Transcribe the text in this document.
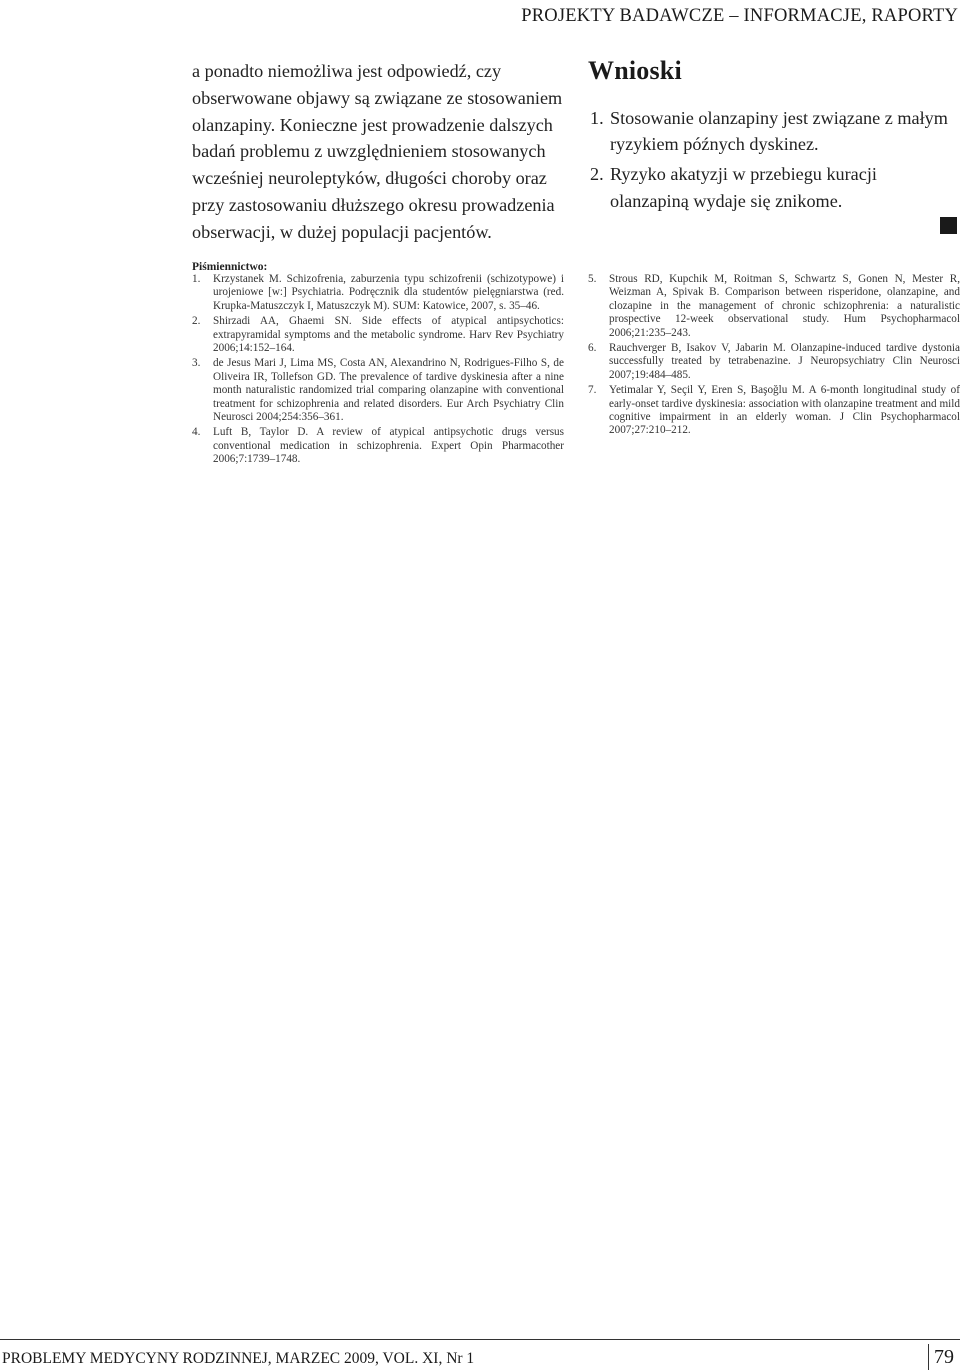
PROJEKTY BADAWCZE – INFORMACJE, RAPORTY

a ponadto niemożliwa jest odpowiedź, czy obserwowane objawy są związane ze stosowaniem olanzapiny. Konieczne jest prowadzenie dalszych badań problemu z uwzględnieniem stosowanych wcześniej neuroleptyków, długości choroby oraz przy zastosowaniu dłuższego okresu prowadzenia obserwacji, w dużej populacji pacjentów.

Wnioski
1. Stosowanie olanzapiny jest związane z małym ryzykiem późnych dyskinez.
2. Ryzyko akatyzji w przebiegu kuracji olanzapiną wydaje się znikome.
Piśmiennictwo:
1. Krzystanek M. Schizofrenia, zaburzenia typu schizofrenii (schizotypowe) i urojeniowe [w:] Psychiatria. Podręcznik dla studentów pielęgniarstwa (red. Krupka-Matuszczyk I, Matuszczyk M). SUM: Katowice, 2007, s. 35–46.
2. Shirzadi AA, Ghaemi SN. Side effects of atypical antipsychotics: extrapyramidal symptoms and the metabolic syndrome. Harv Rev Psychiatry 2006;14:152–164.
3. de Jesus Mari J, Lima MS, Costa AN, Alexandrino N, Rodrigues-Filho S, de Oliveira IR, Tollefson GD. The prevalence of tardive dyskinesia after a nine month naturalistic randomized trial comparing olanzapine with conventional treatment for schizophrenia and related disorders. Eur Arch Psychiatry Clin Neurosci 2004;254:356–361.
4. Luft B, Taylor D. A review of atypical antipsychotic drugs versus conventional medication in schizophrenia. Expert Opin Pharmacother 2006;7:1739–1748.
5. Strous RD, Kupchik M, Roitman S, Schwartz S, Gonen N, Mester R, Weizman A, Spivak B. Comparison between risperidone, olanzapine, and clozapine in the management of chronic schizophrenia: a naturalistic prospective 12-week observational study. Hum Psychopharmacol 2006;21:235–243.
6. Rauchverger B, Isakov V, Jabarin M. Olanzapine-induced tardive dystonia successfully treated by tetrabenazine. J Neuropsychiatry Clin Neurosci 2007;19:484–485.
7. Yetimalar Y, Seçil Y, Eren S, Başoğlu M. A 6-month longitudinal study of early-onset tardive dyskinesia: association with olanzapine treatment and mild cognitive impairment in an elderly woman. J Clin Psychopharmacol 2007;27:210–212.
PROBLEMY MEDYCYNY RODZINNEJ, MARZEC 2009, VOL. XI, Nr 1	79
